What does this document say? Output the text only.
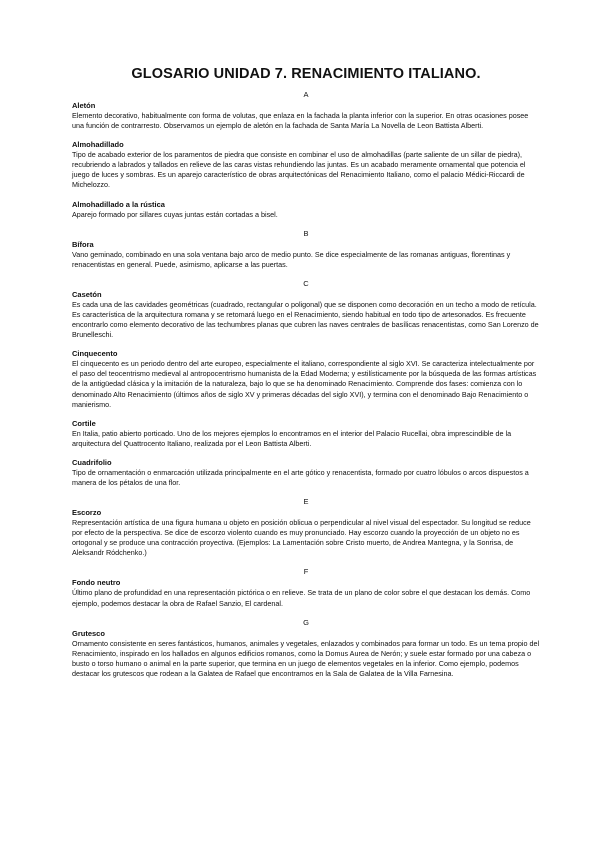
GLOSARIO UNIDAD 7. RENACIMIENTO ITALIANO.
A
Aletón

Elemento decorativo, habitualmente con forma de volutas, que enlaza en la fachada la planta inferior con la superior. En otras ocasiones posee una función de contrarresto. Observamos un ejemplo de aletón en la fachada de Santa María La Novella de Leon Battista Alberti.

Almohadillado

Tipo de acabado exterior de los paramentos de piedra que consiste en combinar el uso de almohadillas (parte saliente de un sillar de piedra), recubriendo a labrados y tallados en relieve de las caras vistas rehundiendo las juntas. Es un acabado meramente ornamental que potencia el juego de luces y sombras. Es un aparejo característico de obras arquitectónicas del Renacimiento Italiano, como el palacio Médici-Riccardi de Michelozzo.

Almohadillado a la rústica

Aparejo formado por sillares cuyas juntas están cortadas a bisel.

B
Bífora

Vano geminado, combinado en una sola ventana bajo arco de medio punto. Se dice especialmente de las romanas antiguas, florentinas y renacentistas en general. Puede, asimismo, aplicarse a las puertas.

C
Casetón

Es cada una de las cavidades geométricas (cuadrado, rectangular o poligonal) que se disponen como decoración en un techo a modo de retícula. Es característica de la arquitectura romana y se retomará luego en el Renacimiento, siendo habitual en todo tipo de artesonados. Es frecuente encontrarlo como elemento decorativo de las techumbres planas que cubren las naves centrales de basílicas renacentistas, como San Lorenzo de Brunelleschi.

Cinquecento

El cinquecento es un periodo dentro del arte europeo, especialmente el italiano, correspondiente al siglo XVI. Se caracteriza intelectualmente por el paso del teocentrismo medieval al antropocentrismo humanista de la Edad Moderna; y estilísticamente por la búsqueda de las formas artísticas de la antigüedad clásica y la imitación de la naturaleza, bajo lo que se ha denominado Renacimiento. Comprende dos fases: comienza con lo denominado Alto Renacimiento (últimos años de siglo XV y primeras décadas del siglo XVI), y termina con el denominado Bajo Renacimiento o manierismo.

Cortile

En Italia, patio abierto porticado. Uno de los mejores ejemplos lo encontramos en el interior del Palacio Rucellai, obra imprescindible de la arquitectura del Quattrocento Italiano, realizada por el Leon Battista Alberti.

Cuadrifolio

Tipo de ornamentación o enmarcación utilizada principalmente en el arte gótico y renacentista, formado por cuatro lóbulos o arcos dispuestos a manera de los pétalos de una flor.

E
Escorzo

Representación artística de una figura humana u objeto en posición oblicua o perpendicular al nivel visual del espectador. Su longitud se reduce por efecto de la perspectiva. Se dice de escorzo violento cuando es muy pronunciado. Hay escorzo cuando la proyección de un objeto no es ortogonal y se produce una contracción proyectiva. (Ejemplos: La Lamentación sobre Cristo muerto, de Andrea Mantegna, y la Sonrisa, de Aleksandr Ródchenko.)

F
Fondo neutro

Último plano de profundidad en una representación pictórica o en relieve. Se trata de un plano de color sobre el que destacan los demás. Como ejemplo, podemos destacar la obra de Rafael Sanzio, El cardenal.

G
Grutesco

Ornamento consistente en seres fantásticos, humanos, animales y vegetales, enlazados y combinados para formar un todo. Es un tema propio del Renacimiento, inspirado en los hallados en algunos edificios romanos, como la Domus Aurea de Nerón; y suele estar formado por una cabeza o busto o torso humano o animal en la parte superior, que termina en un juego de elementos vegetales en la inferior. Como ejemplo, podemos destacar los grutescos que rodean a la Galatea de Rafael que encontramos en la Sala de Galatea de la Villa Farnesina.
